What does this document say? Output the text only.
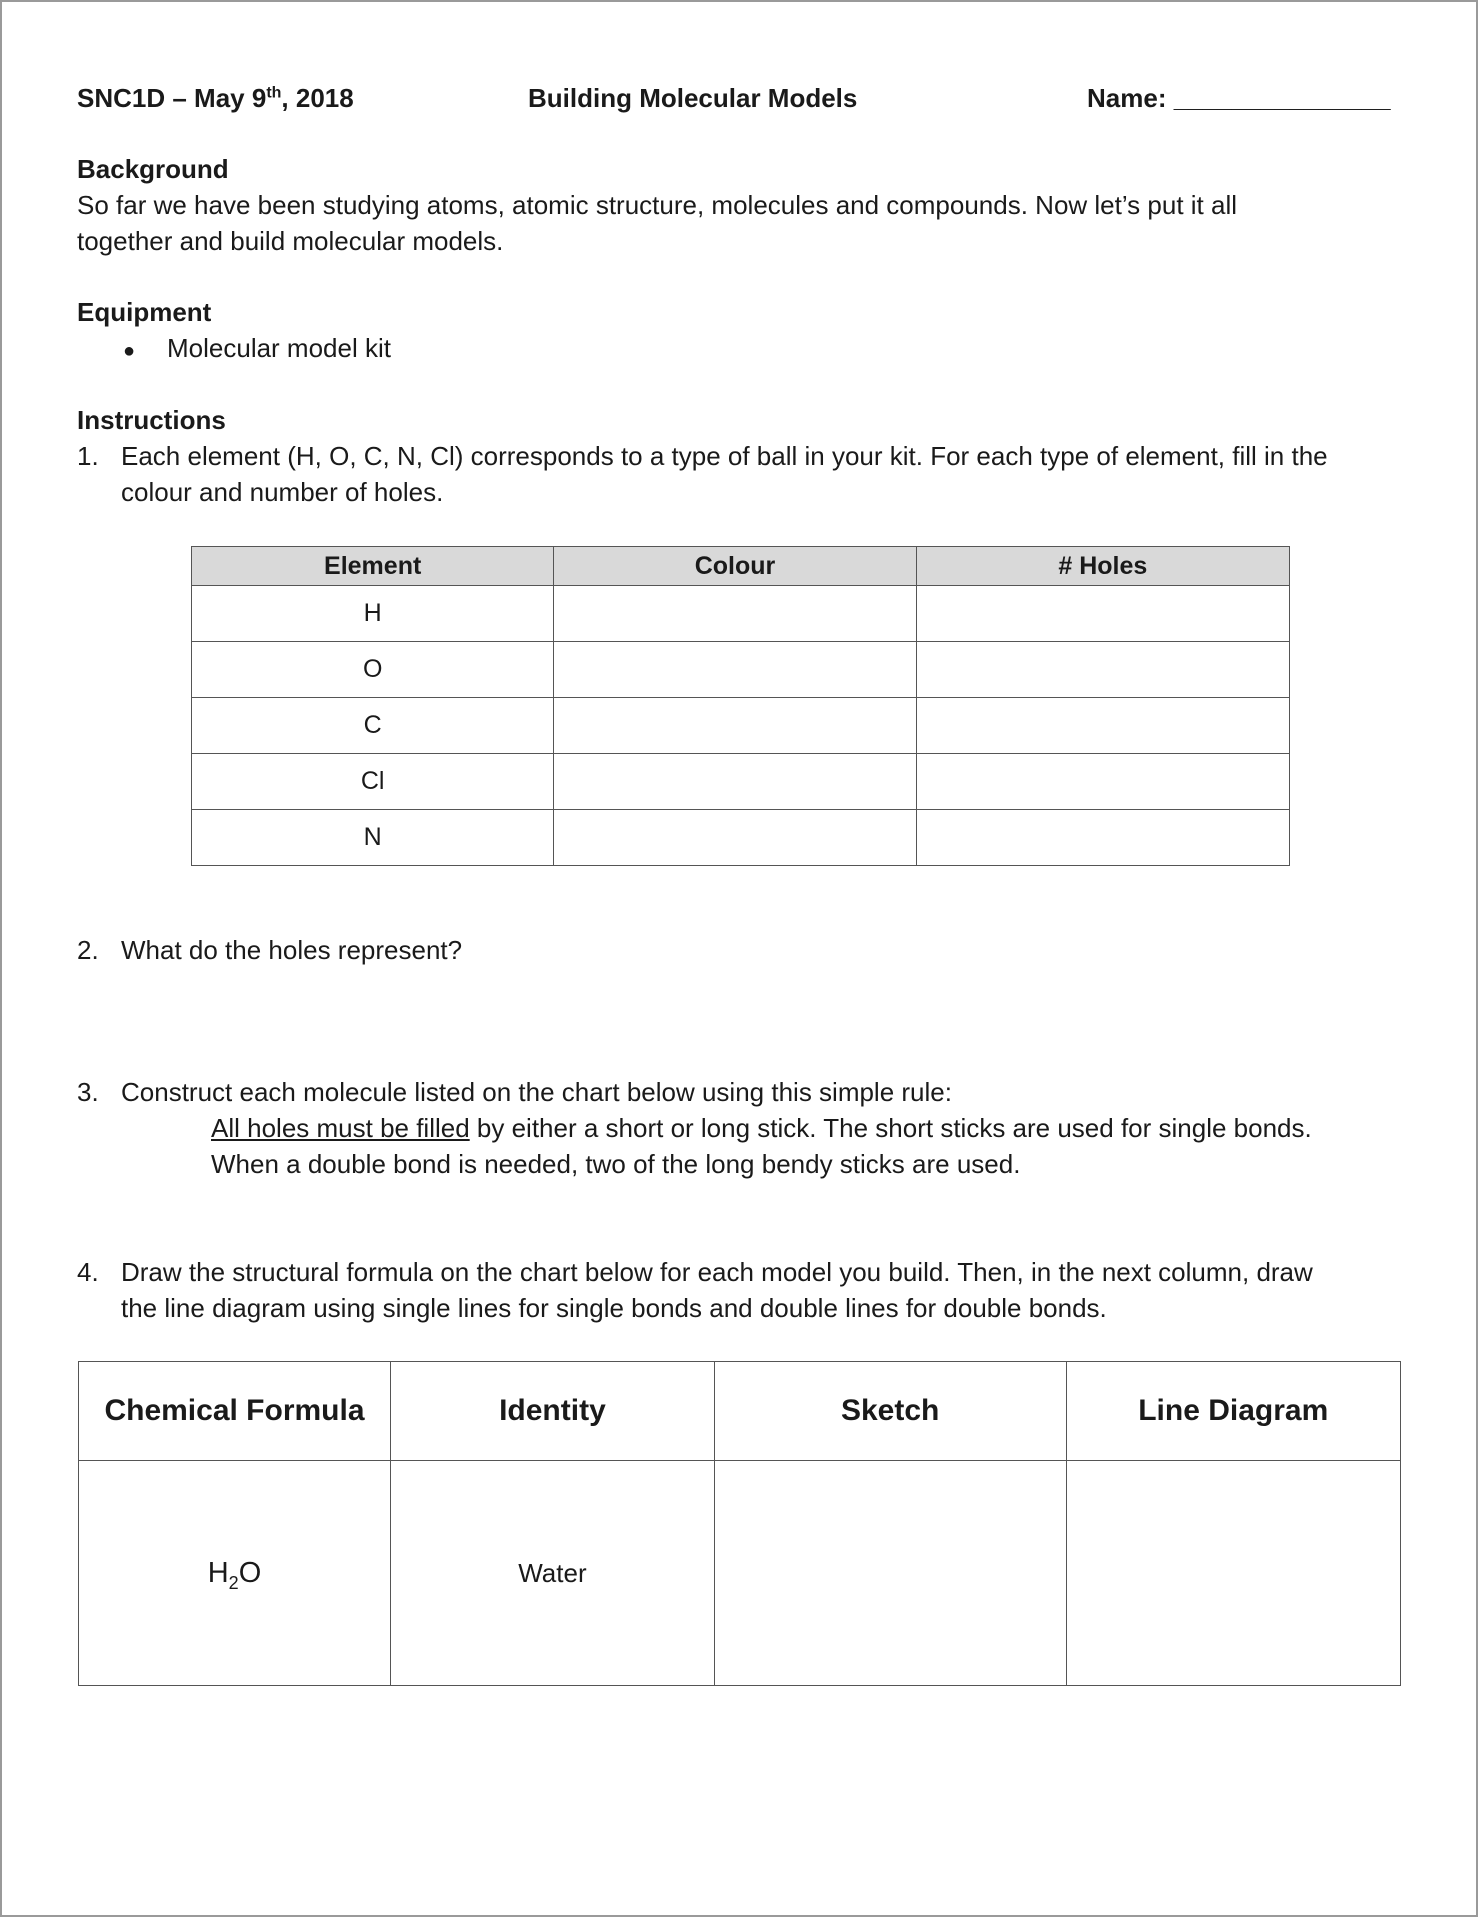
SNC1D – May 9th, 2018	Building Molecular Models	Name: _______________
Background
So far we have been studying atoms, atomic structure, molecules and compounds. Now let’s put it all
together and build molecular models.
Equipment
● Molecular model kit
Instructions
1. Each element (H, O, C, N, Cl) corresponds to a type of ball in your kit. For each type of element, fill in the
colour and number of holes.
Element	Colour	# Holes
H		
O		
C		
Cl		
N		
2. What do the holes represent?
3. Construct each molecule listed on the chart below using this simple rule:
All holes must be filled by either a short or long stick. The short sticks are used for single bonds.
When a double bond is needed, two of the long bendy sticks are used.
4. Draw the structural formula on the chart below for each model you build. Then, in the next column, draw
the line diagram using single lines for single bonds and double lines for double bonds.
Chemical Formula	Identity	Sketch	Line Diagram
$H_2O$	Water		
